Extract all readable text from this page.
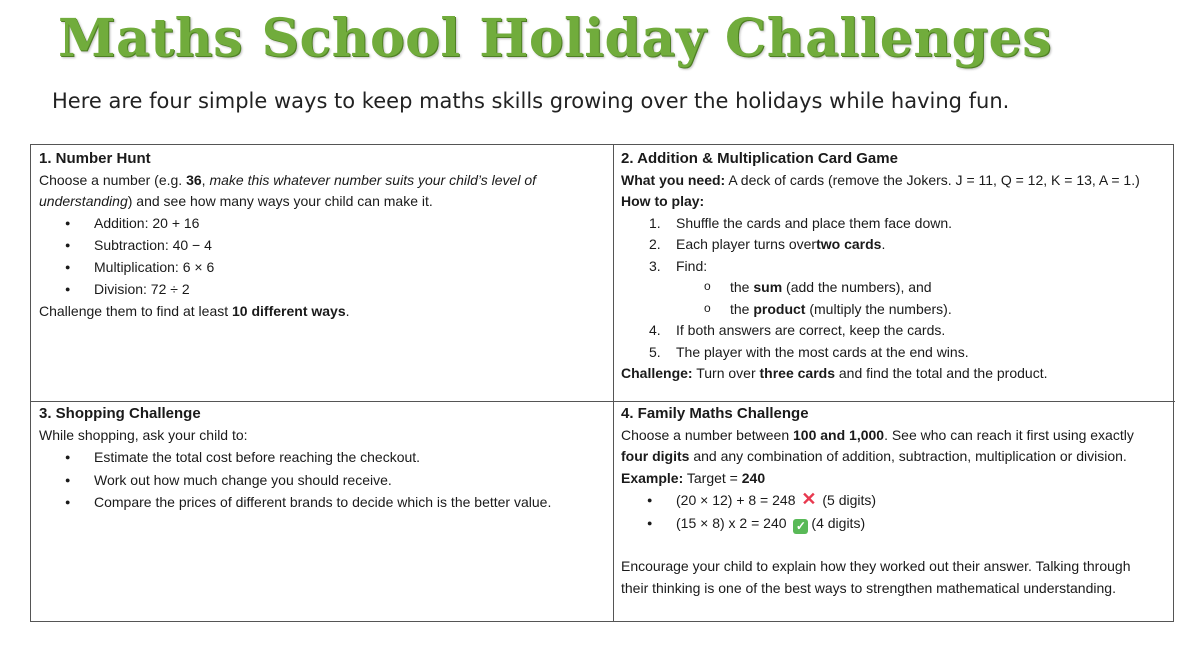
Maths School Holiday Challenges
Here are four simple ways to keep maths skills growing over the holidays while having fun.
1. Number Hunt
Choose a number (e.g. 36, make this whatever number suits your child’s level of
understanding) and see how many ways your child can make it.
● Addition: 20 + 16
● Subtraction: 40 − 4
● Multiplication: 6 × 6
● Division: 72 ÷ 2
Challenge them to find at least 10 different ways.
2. Addition & Multiplication Card Game
What you need: A deck of cards (remove the Jokers. J = 11, Q = 12, K = 13, A = 1.)
How to play:
1.	Shuffle the cards and place them face down.
2.	Each player turns over two cards .
3.	Find:
o the sum (add the numbers), and
o the product (multiply the numbers).
4.	If both answers are correct, keep the cards.
5.	The player with the most cards at the end wins.
Challenge: Turn over three cards and find the total and the product.
3. Shopping Challenge
While shopping, ask your child to:
● Estimate the total cost before reaching the checkout.
● Work out how much change you should receive.
● Compare the prices of different brands to decide which is the better value.
4. Family Maths Challenge
Choose a number between 100 and 1,000. See who can reach it first using exactly
four digits and any combination of addition, subtraction, multiplication or division.
Example: Target = 240
● (20 × 12) + 8 = 248 ✕ (5 digits)
● (15 × 8) x 2 = 240 ✓ (4 digits)
Encourage your child to explain how they worked out their answer. Talking through
their thinking is one of the best ways to strengthen mathematical understanding.
